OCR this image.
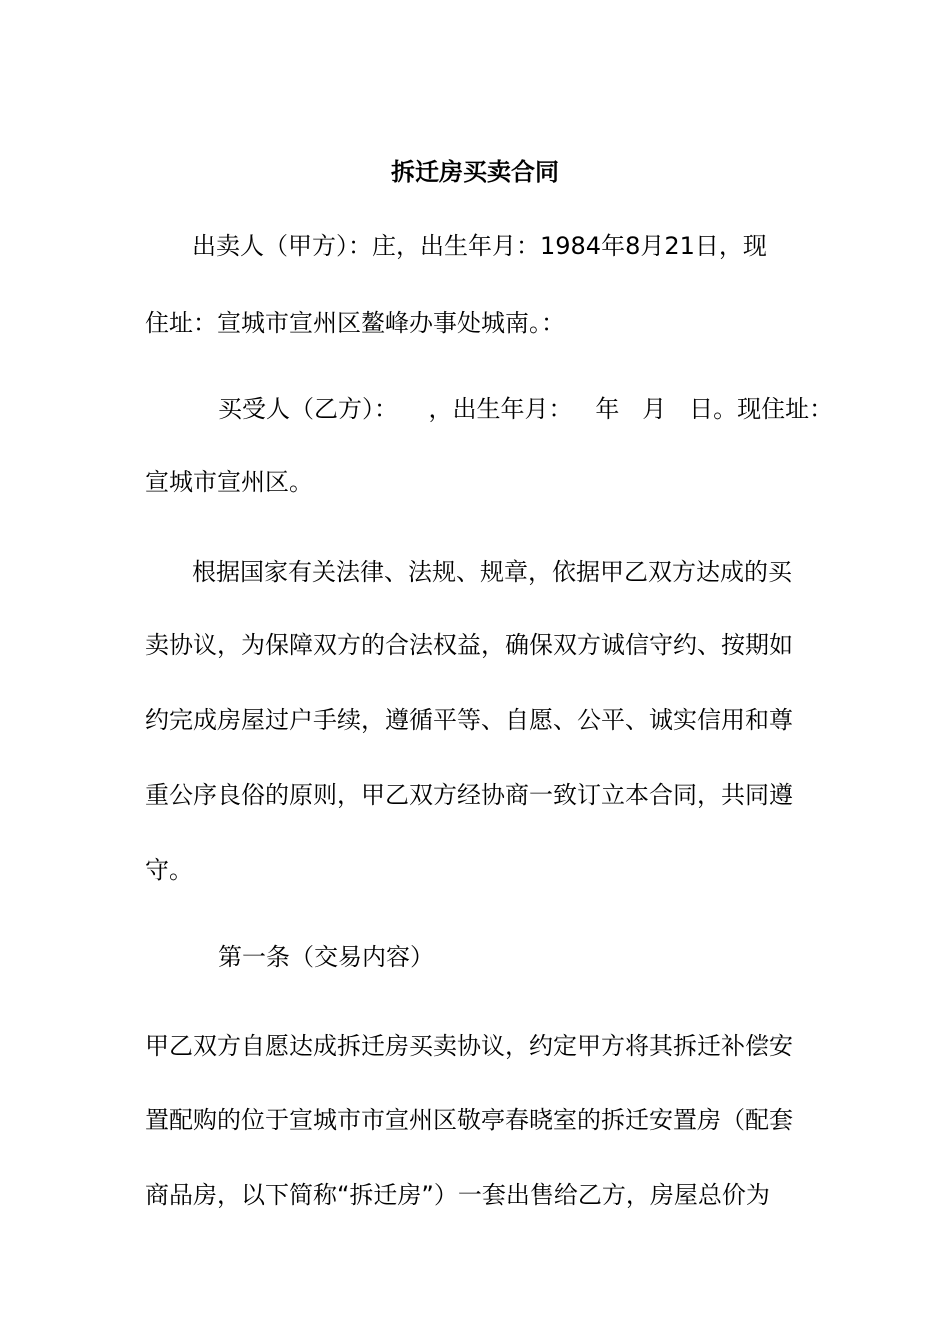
拆迁房买卖合同
出卖人（甲方）：庄，出生年月：1984年8月21日，现
住址：宣城市宣州区鳌峰办事处城南。：
买受人（乙方）：    ，出生年月：   年   月   日。现住址：
宣城市宣州区。
根据国家有关法律、法规、规章，依据甲乙双方达成的买
卖协议，为保障双方的合法权益，确保双方诚信守约、按期如
约完成房屋过户手续，遵循平等、自愿、公平、诚实信用和尊
重公序良俗的原则，甲乙双方经协商一致订立本合同，共同遵
守。
第一条（交易内容）
甲乙双方自愿达成拆迁房买卖协议，约定甲方将其拆迁补偿安
置配购的位于宣城市市宣州区敬亭春晓室的拆迁安置房（配套
商品房，以下简称“拆迁房”）一套出售给乙方，房屋总价为
